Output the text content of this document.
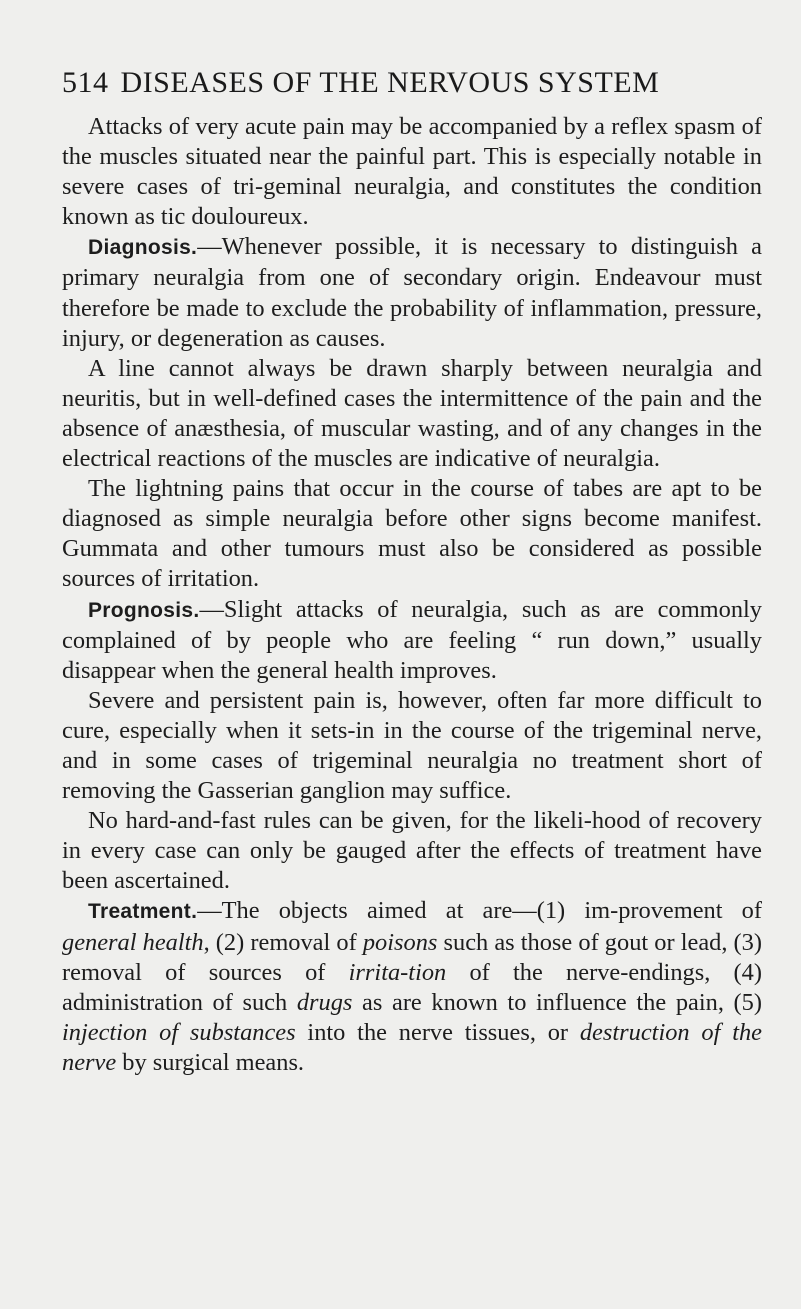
514 DISEASES OF THE NERVOUS SYSTEM

Attacks of very acute pain may be accompanied by a reflex spasm of the muscles situated near the painful part. This is especially notable in severe cases of tri-geminal neuralgia, and constitutes the condition known as tic douloureux.

Diagnosis.—Whenever possible, it is necessary to distinguish a primary neuralgia from one of secondary origin. Endeavour must therefore be made to exclude the probability of inflammation, pressure, injury, or degeneration as causes.

A line cannot always be drawn sharply between neuralgia and neuritis, but in well-defined cases the intermittence of the pain and the absence of anæsthesia, of muscular wasting, and of any changes in the electrical reactions of the muscles are indicative of neuralgia.

The lightning pains that occur in the course of tabes are apt to be diagnosed as simple neuralgia before other signs become manifest. Gummata and other tumours must also be considered as possible sources of irritation.

Prognosis.—Slight attacks of neuralgia, such as are commonly complained of by people who are feeling “ run down,” usually disappear when the general health improves.

Severe and persistent pain is, however, often far more difficult to cure, especially when it sets-in in the course of the trigeminal nerve, and in some cases of trigeminal neuralgia no treatment short of removing the Gasserian ganglion may suffice.

No hard-and-fast rules can be given, for the likeli-hood of recovery in every case can only be gauged after the effects of treatment have been ascertained.

Treatment.—The objects aimed at are—(1) im-provement of general health, (2) removal of poisons such as those of gout or lead, (3) removal of sources of irrita-tion of the nerve-endings, (4) administration of such drugs as are known to influence the pain, (5) injection of substances into the nerve tissues, or destruction of the nerve by surgical means.
